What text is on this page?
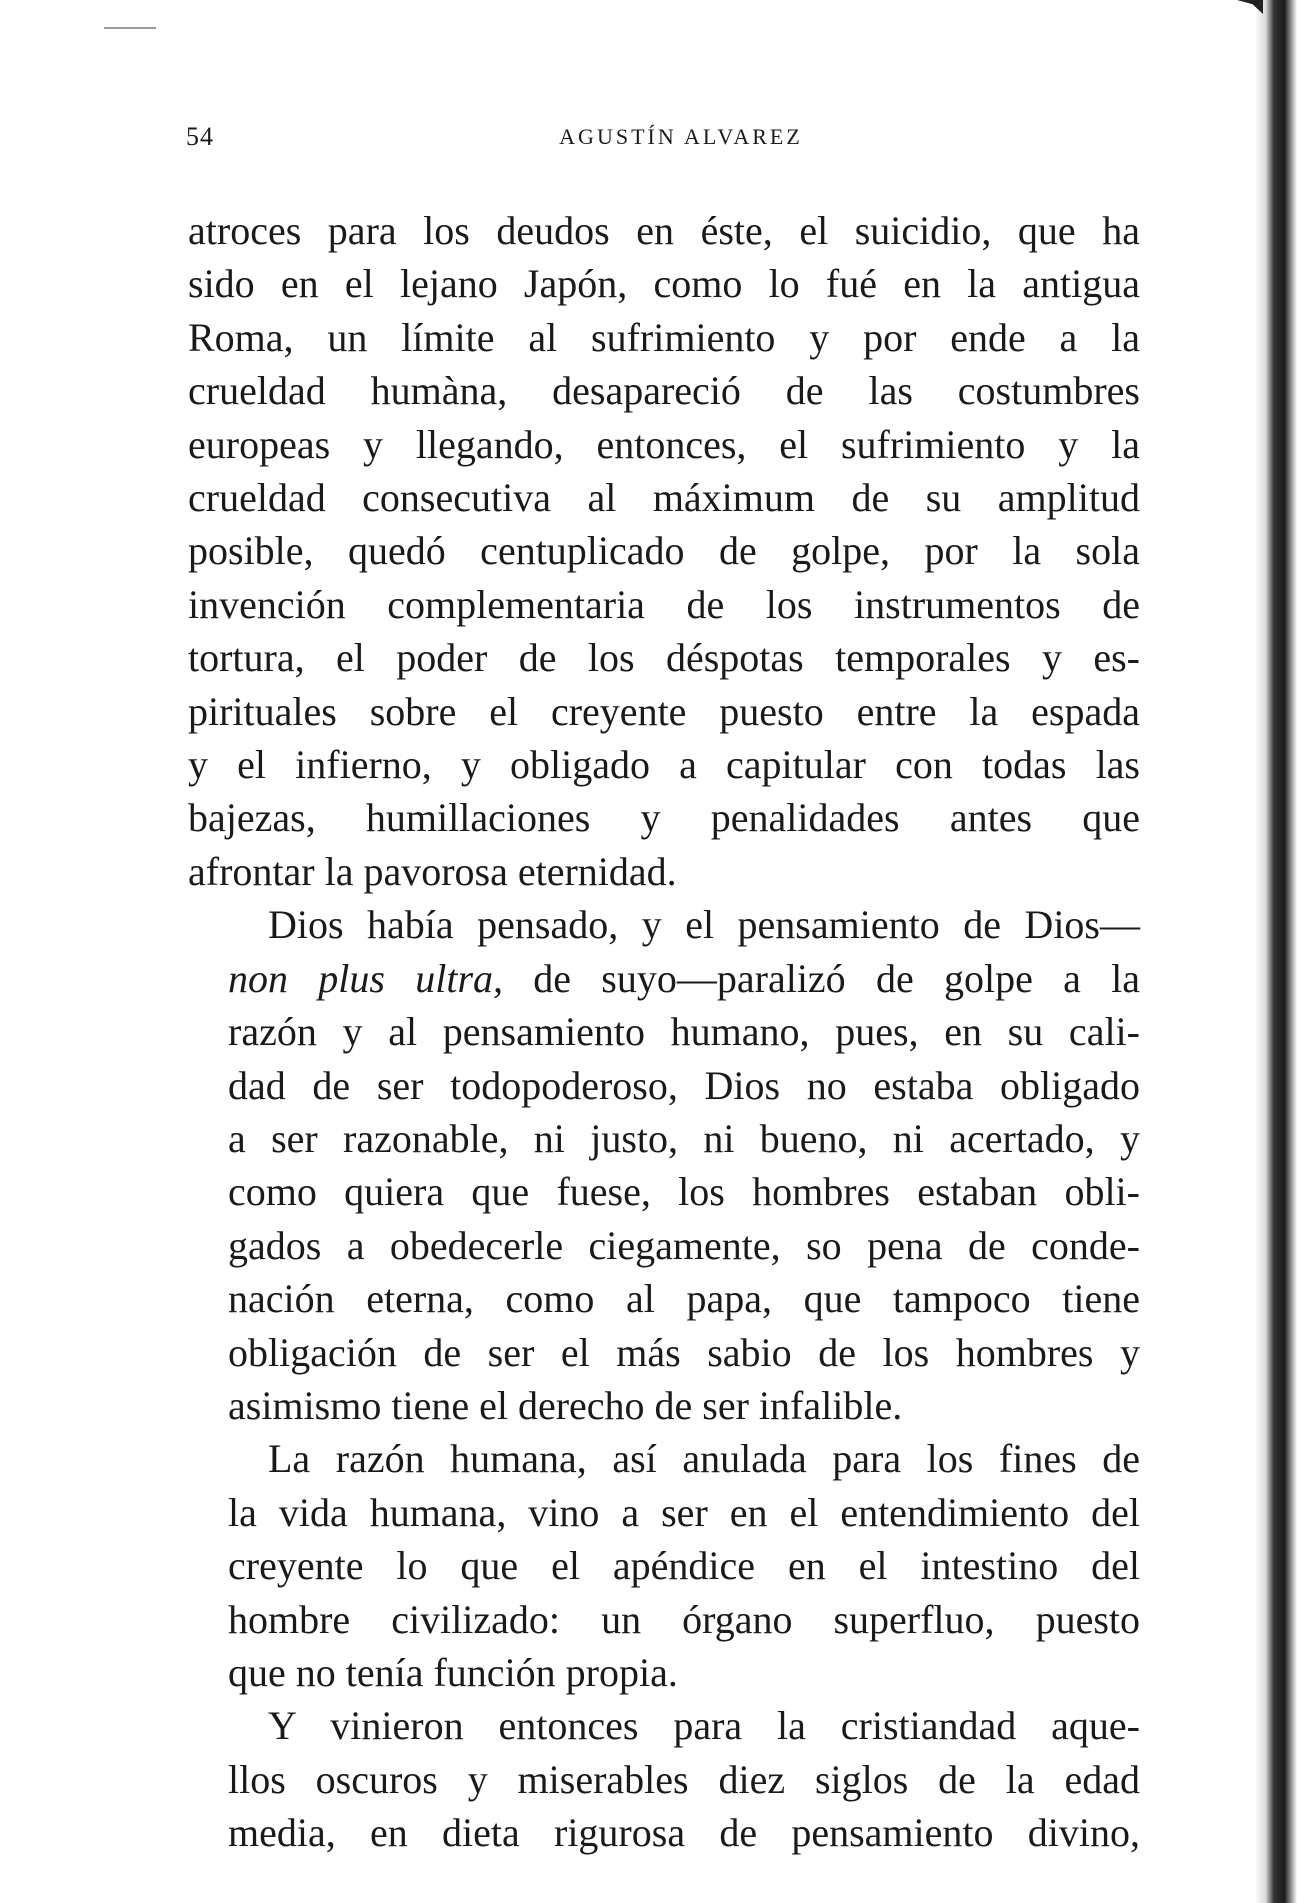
54	AGUSTÍN ALVAREZ
atroces para los deudos en éste, el suicidio, que ha
sido en el lejano Japón, como lo fué en la antigua
Roma, un límite al sufrimiento y por ende a la
crueldad humàna, desapareció de las costumbres
europeas y llegando, entonces, el sufrimiento y la
crueldad consecutiva al máximum de su amplitud
posible, quedó centuplicado de golpe, por la sola
invención complementaria de los instrumentos de
tortura, el poder de los déspotas temporales y es-
pirituales sobre el creyente puesto entre la espada
y el infierno, y obligado a capitular con todas las
bajezas, humillaciones y penalidades antes que
afrontar la pavorosa eternidad.
Dios había pensado, y el pensamiento de Dios—
non plus ultra, de suyo—paralizó de golpe a la
razón y al pensamiento humano, pues, en su cali-
dad de ser todopoderoso, Dios no estaba obligado
a ser razonable, ni justo, ni bueno, ni acertado, y
como quiera que fuese, los hombres estaban obli-
gados a obedecerle ciegamente, so pena de conde-
nación eterna, como al papa, que tampoco tiene
obligación de ser el más sabio de los hombres y
asimismo tiene el derecho de ser infalible.
La razón humana, así anulada para los fines de
la vida humana, vino a ser en el entendimiento del
creyente lo que el apéndice en el intestino del
hombre civilizado: un órgano superfluo, puesto
que no tenía función propia.
Y vinieron entonces para la cristiandad aque-
llos oscuros y miserables diez siglos de la edad
media, en dieta rigurosa de pensamiento divino,
